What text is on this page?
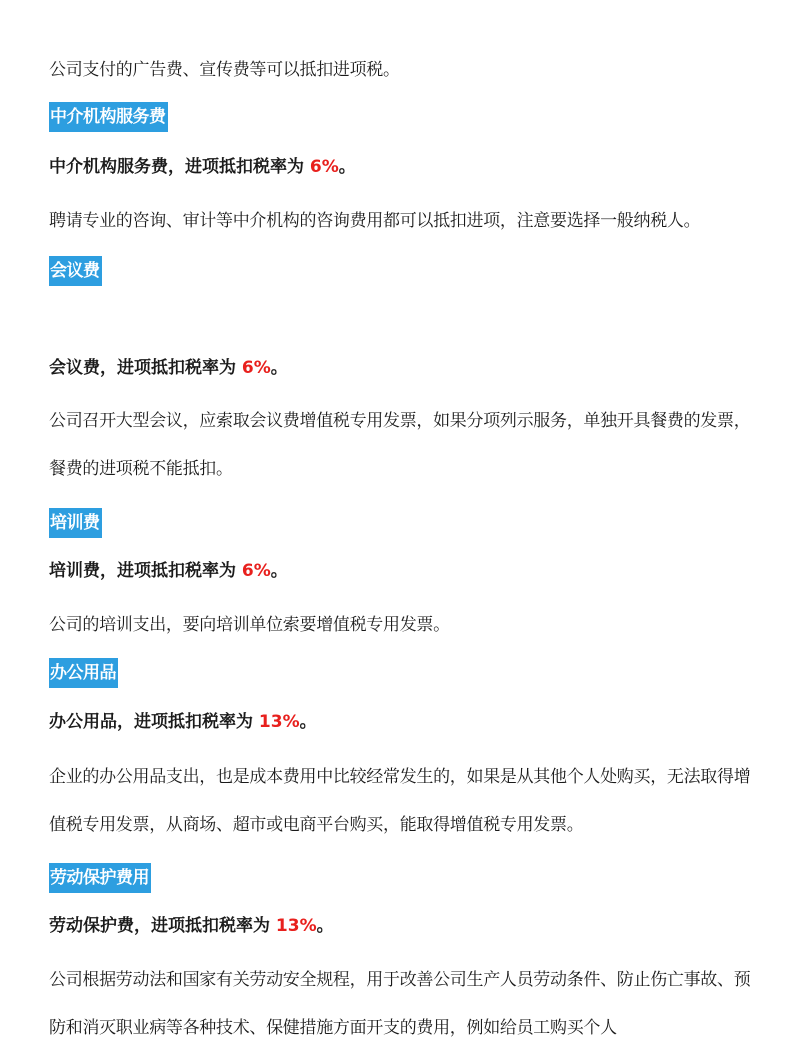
公司支付的广告费、宣传费等可以抵扣进项税。

中介机构服务费

中介机构服务费，进项抵扣税率为 6%。

聘请专业的咨询、审计等中介机构的咨询费用都可以抵扣进项，注意要选择一般纳税人。

会议费

会议费，进项抵扣税率为 6%。

公司召开大型会议，应索取会议费增值税专用发票，如果分项列示服务，单独开具餐费的发票，餐费的进项税不能抵扣。

培训费

培训费，进项抵扣税率为 6%。

公司的培训支出，要向培训单位索要增值税专用发票。

办公用品

办公用品，进项抵扣税率为 13%。

企业的办公用品支出，也是成本费用中比较经常发生的，如果是从其他个人处购买，无法取得增值税专用发票，从商场、超市或电商平台购买，能取得增值税专用发票。

劳动保护费用

劳动保护费，进项抵扣税率为 13%。

公司根据劳动法和国家有关劳动安全规程，用于改善公司生产人员劳动条件、防止伤亡事故、预防和消灭职业病等各种技术、保健措施方面开支的费用，例如给员工购买个人
